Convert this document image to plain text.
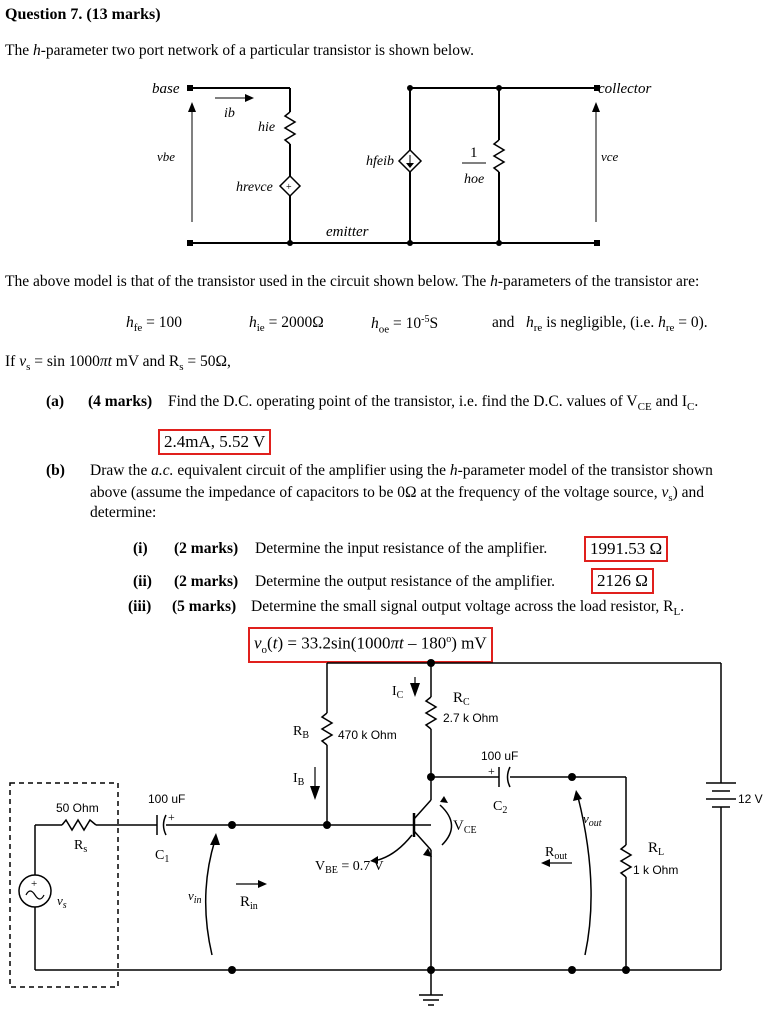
Question 7. (13 marks)
The h-parameter two port network of a particular transistor is shown below.
+
base	collector
emitter
ib
hie
vbe	hfeib
hrevce
1
hoe
vce
The above model is that of the transistor used in the circuit shown below. The h-parameters of the transistor are:
$h_{fe} = 100$	$h_{ie} = 2000\Omega$	$h_{oe} = 10^{-5}S$	and   $h_{re}$ is negligible, (i.e. $h_{re} = 0$).
If $v_s = \sin 1000\pi t$ mV and $R_s = 50\Omega$,
(a) (4 marks) Find the D.C. operating point of the transistor, i.e. find the D.C. values of $V_{CE}$ and $I_C$.
2.4mA, 5.52 V
(b) Draw the a.c. equivalent circuit of the amplifier using the h-parameter model of the transistor shown
above (assume the impedance of capacitors to be 0Ω at the frequency of the voltage source, $v_s$) and
determine:
(i) (2 marks) Determine the input resistance of the amplifier.	1991.53 Ω
(ii) (2 marks) Determine the output resistance of the amplifier.	2126 Ω
(iii) (5 marks) Determine the small signal output voltage across the load resistor, $R_L$.
$v_o(t) = 33.2\sin(1000\pi t - 180^o)$ mV
+
+
+
50 Ohm
$R_s$
$v_s$
100 uF
$C_1$
$R_B$ 470 k Ohm
$I_B$
$I_C$	$R_C$
2.7 k Ohm
100 uF
$C_2$
$V_{CE}$
$V_{BE} = 0.7$ V
$v_{in}$	$R_{in}$
$v_{out}$
$R_{out}$
$R_L$
1 k Ohm
12 V
